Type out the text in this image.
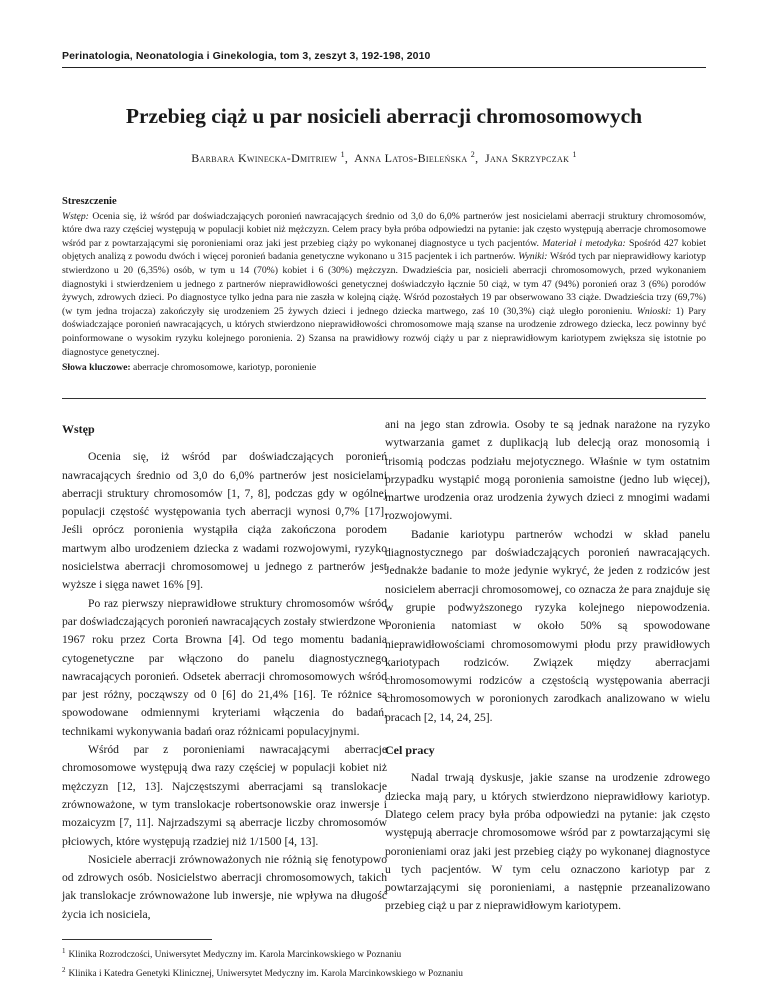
Perinatologia, Neonatologia i Ginekologia, tom 3, zeszyt 3, 192-198, 2010
Przebieg ciąż u par nosicieli aberracji chromosomowych
Barbara Kwinecka-Dmitriew $^1$,  Anna Latos-Bieleńska $^2$,  Jana Skrzypczak $^1$
Streszczenie
Wstęp: Ocenia się, iż wśród par doświadczających poronień nawracających średnio od 3,0 do 6,0% partnerów jest nosicielami aberracji struktury chromosomów, które dwa razy częściej występują w populacji kobiet niż mężczyzn. Celem pracy była próba odpowiedzi na pytanie: jak często występują aberracje chromosomowe wśród par z powtarzającymi się poronieniami oraz jaki jest przebieg ciąży po wykonanej diagnostyce u tych pacjentów. Materiał i metodyka: Spośród 427 kobiet objętych analizą z powodu dwóch i więcej poronień badania genetyczne wykonano u 315 pacjentek i ich partnerów. Wyniki: Wśród tych par nieprawidłowy kariotyp stwierdzono u 20 (6,35%) osób, w tym u 14 (70%) kobiet i 6 (30%) mężczyzn. Dwadzieścia par, nosicieli aberracji chromosomowych, przed wykonaniem diagnostyki i stwierdzeniem u jednego z partnerów nieprawidłowości genetycznej doświadczyło łącznie 50 ciąż, w tym 47 (94%) poronień oraz 3 (6%) porodów żywych, zdrowych dzieci. Po diagnostyce tylko jedna para nie zaszła w kolejną ciążę. Wśród pozostałych 19 par obserwowano 33 ciąże. Dwadzieścia trzy (69,7%) (w tym jedna trojacza) zakończyły się urodzeniem 25 żywych dzieci i jednego dziecka martwego, zaś 10 (30,3%) ciąż uległo poronieniu. Wnioski: 1) Pary doświadczające poronień nawracających, u których stwierdzono nieprawidłowości chromosomowe mają szanse na urodzenie zdrowego dziecka, lecz powinny być poinformowane o wysokim ryzyku kolejnego poronienia. 2) Szansa na prawidłowy rozwój ciąży u par z nieprawidłowym kariotypem zwiększa się istotnie po diagnostyce genetycznej.
Słowa kluczowe: aberracje chromosomowe, kariotyp, poronienie
Wstęp

Ocenia się, iż wśród par doświadczających poronień nawracających średnio od 3,0 do 6,0% partnerów jest nosicielami aberracji struktury chromosomów [1, 7, 8], podczas gdy w ogólnej populacji częstość występowania tych aberracji wynosi 0,7% [17]. Jeśli oprócz poronienia wystąpiła ciąża zakończona porodem martwym albo urodzeniem dziecka z wadami rozwojowymi, ryzyko nosicielstwa aberracji chromosomowej u jednego z partnerów jest wyższe i sięga nawet 16% [9].

Po raz pierwszy nieprawidłowe struktury chromosomów wśród par doświadczających poronień nawracających zostały stwierdzone w 1967 roku przez Corta Browna [4]. Od tego momentu badania cytogenetyczne par włączono do panelu diagnostycznego nawracających poronień. Odsetek aberracji chromosomowych wśród par jest różny, począwszy od 0 [6] do 21,4% [16]. Te różnice są spowodowane odmiennymi kryteriami włączenia do badań, technikami wykonywania badań oraz różnicami populacyjnymi.

Wśród par z poronieniami nawracającymi aberracje chromosomowe występują dwa razy częściej w populacji kobiet niż mężczyzn [12, 13]. Najczęstszymi aberracjami są translokacje zrównoważone, w tym translokacje robertsonowskie oraz inwersje i mozaicyzm [7, 11]. Najrzadszymi są aberracje liczby chromosomów płciowych, które występują rzadziej niż 1/1500 [4, 13].

Nosiciele aberracji zrównoważonych nie różnią się fenotypowo od zdrowych osób. Nosicielstwo aberracji chromosomowych, takich jak translokacje zrównoważone lub inwersje, nie wpływa na długość życia ich nosiciela,

ani na jego stan zdrowia. Osoby te są jednak narażone na ryzyko wytwarzania gamet z duplikacją lub delecją oraz monosomią i trisomią podczas podziału mejotycznego. Właśnie w tym ostatnim przypadku wystąpić mogą poronienia samoistne (jedno lub więcej), martwe urodzenia oraz urodzenia żywych dzieci z mnogimi wadami rozwojowymi.

Badanie kariotypu partnerów wchodzi w skład panelu diagnostycznego par doświadczających poronień nawracających. Jednakże badanie to może jedynie wykryć, że jeden z rodziców jest nosicielem aberracji chromosomowej, co oznacza że para znajduje się w grupie podwyższonego ryzyka kolejnego niepowodzenia. Poronienia natomiast w około 50% są spowodowane nieprawidłowościami chromosomowymi płodu przy prawidłowych kariotypach rodziców. Związek między aberracjami chromosomowymi rodziców a częstością występowania aberracji chromosomowych w poronionych zarodkach analizowano w wielu pracach [2, 14, 24, 25].

Cel pracy

Nadal trwają dyskusje, jakie szanse na urodzenie zdrowego dziecka mają pary, u których stwierdzono nieprawidłowy kariotyp. Dlatego celem pracy była próba odpowiedzi na pytanie: jak często występują aberracje chromosomowe wśród par z powtarzającymi się poronieniami oraz jaki jest przebieg ciąży po wykonanej diagnostyce u tych pacjentów. W tym celu oznaczono kariotyp par z powtarzającymi się poronieniami, a następnie przeanalizowano przebieg ciąż u par z nieprawidłowym kariotypem.

$^1$ Klinika Rozrodczości, Uniwersytet Medyczny im. Karola Marcinkowskiego w Poznaniu
$^2$ Klinika i Katedra Genetyki Klinicznej, Uniwersytet Medyczny im. Karola Marcinkowskiego w Poznaniu
